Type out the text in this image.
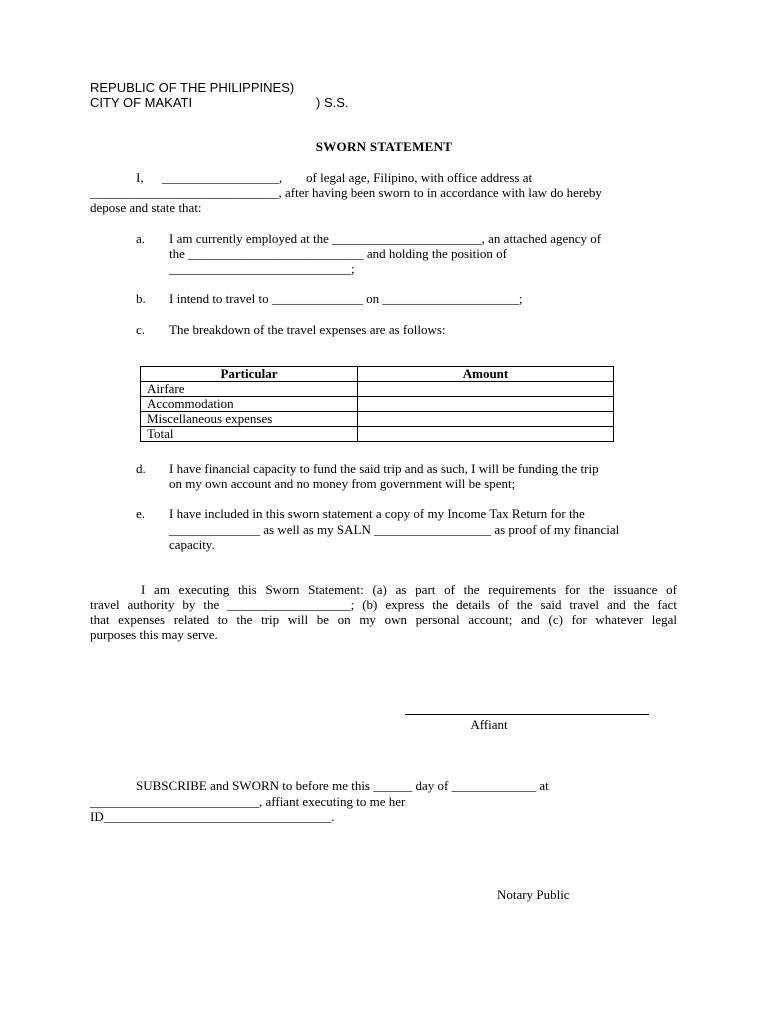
REPUBLIC OF THE PHILIPPINES)
CITY OF MAKATI	) S.S.
SWORN STATEMENT
I, __________________, of legal age, Filipino, with office address at
_____________________________, after having been sworn to in accordance with law do hereby
depose and state that:
a. I am currently employed at the _______________________, an attached agency of
the ___________________________ and holding the position of
____________________________;
b. I intend to travel to ______________ on _____________________;
c. The breakdown of the travel expenses are as follows:
Particular	Amount
Airfare	
Accommodation	
Miscellaneous expenses	
Total	
d. I have financial capacity to fund the said trip and as such, I will be funding the trip
on my own account and no money from government will be spent;
e. I have included in this sworn statement a copy of my Income Tax Return for the
______________ as well as my SALN __________________ as proof of my financial
capacity.
I am executing this Sworn Statement: (a) as part of the requirements for the issuance of
travel authority by the ___________________; (b) express the details of the said travel and the fact
that expenses related to the trip will be on my own personal account; and (c) for whatever legal
purposes this may serve.
Affiant
SUBSCRIBE and SWORN to before me this ______ day of _____________ at
__________________________, affiant executing to me her
ID___________________________________.
Notary Public
